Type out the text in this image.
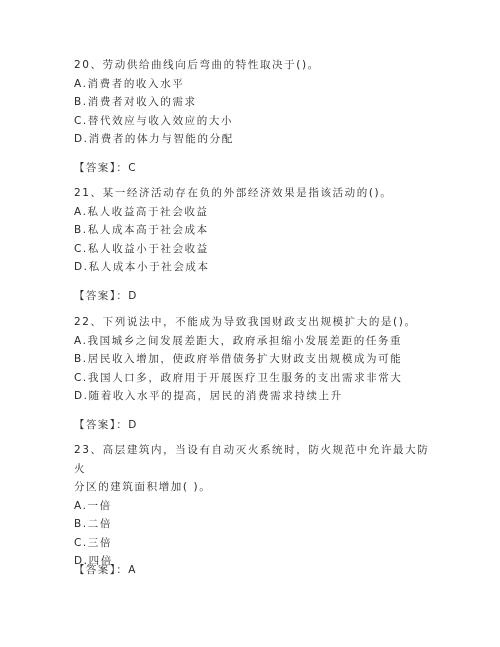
20、劳动供给曲线向后弯曲的特性取决于()。
A.消费者的收入水平
B.消费者对收入的需求
C.替代效应与收入效应的大小
D.消费者的体力与智能的分配
【答案】：C
21、某一经济活动存在负的外部经济效果是指该活动的()。
A.私人收益高于社会收益
B.私人成本高于社会成本
C.私人收益小于社会收益
D.私人成本小于社会成本
【答案】：D
22、下列说法中，不能成为导致我国财政支出规模扩大的是()。
A.我国城乡之间发展差距大，政府承担缩小发展差距的任务重
B.居民收入增加，使政府举借债务扩大财政支出规模成为可能
C.我国人口多，政府用于开展医疗卫生服务的支出需求非常大
D.随着收入水平的提高，居民的消费需求持续上升
【答案】：D
23、高层建筑内，当设有自动灭火系统时，防火规范中允许最大防火
分区的建筑面积增加( )。
A.一倍
B.二倍
C.三倍
D.四倍
【答案】：A
